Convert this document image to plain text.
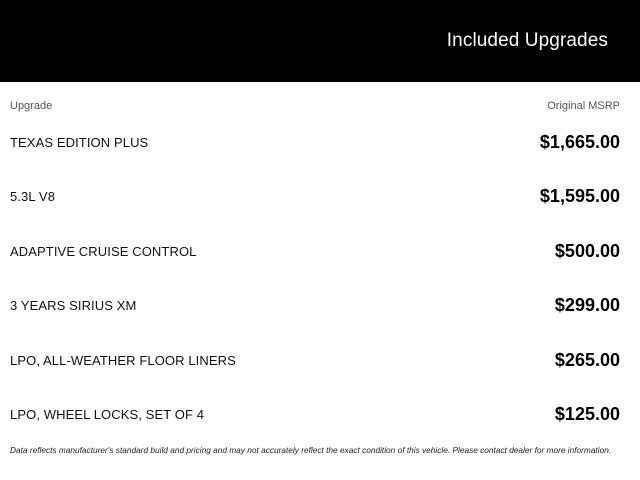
Included Upgrades
Upgrade	Original MSRP
TEXAS EDITION PLUS	$1,665.00
5.3L V8	$1,595.00
ADAPTIVE CRUISE CONTROL	$500.00
3 YEARS SIRIUS XM	$299.00
LPO, ALL-WEATHER FLOOR LINERS	$265.00
LPO, WHEEL LOCKS, SET OF 4	$125.00
Data reflects manufacturer's standard build and pricing and may not accurately reflect the exact condition of this vehicle. Please contact dealer for more information.
